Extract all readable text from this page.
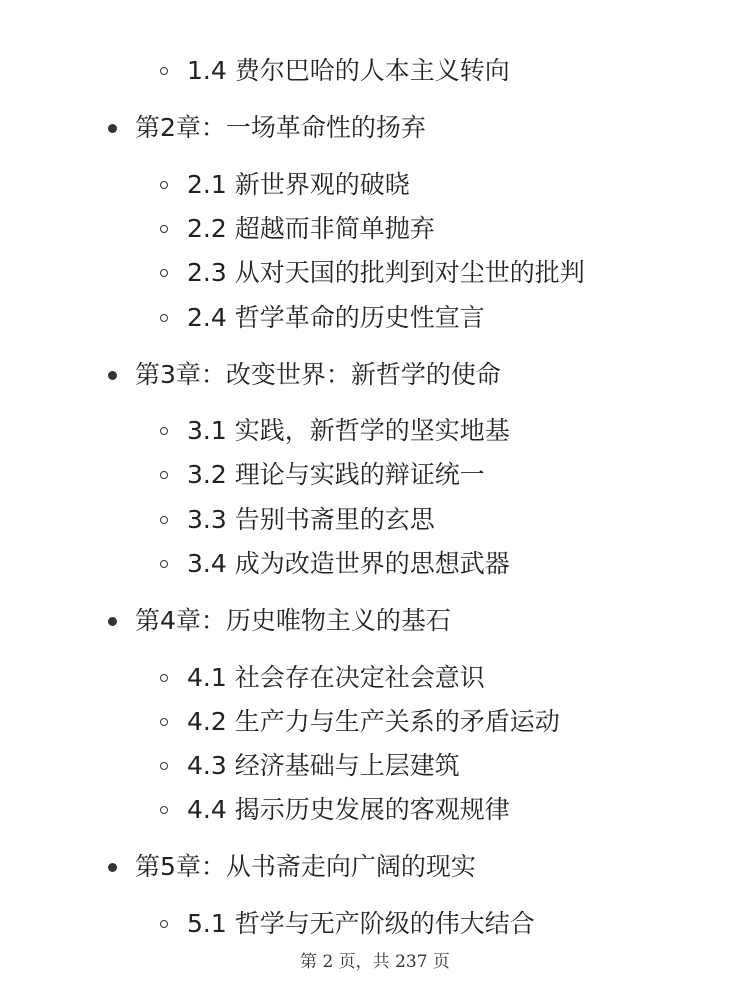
1.4 费尔巴哈的人本主义转向
第2章：一场革命性的扬弃
2.1 新世界观的破晓
2.2 超越而非简单抛弃
2.3 从对天国的批判到对尘世的批判
2.4 哲学革命的历史性宣言
第3章：改变世界：新哲学的使命
3.1 实践，新哲学的坚实地基
3.2 理论与实践的辩证统一
3.3 告别书斋里的玄思
3.4 成为改造世界的思想武器
第4章：历史唯物主义的基石
4.1 社会存在决定社会意识
4.2 生产力与生产关系的矛盾运动
4.3 经济基础与上层建筑
4.4 揭示历史发展的客观规律
第5章：从书斋走向广阔的现实
5.1 哲学与无产阶级的伟大结合
第 2 页，共 237 页
